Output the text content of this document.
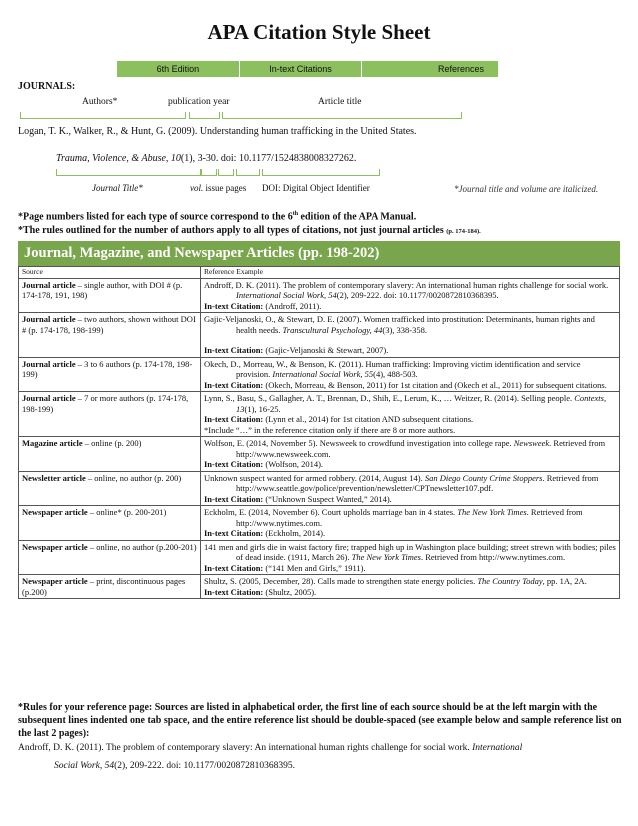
APA Citation Style Sheet
6th Edition	In-text Citations	References
JOURNALS:
Authors*	publication year	Article title
Logan, T. K., Walker, R., & Hunt, G. (2009). Understanding human trafficking in the United States.
Trauma, Violence, & Abuse, 10(1), 3-30. doi: 10.1177/1524838008327262.
Journal Title*	vol. issue pages DOI: Digital Object Identifier	*Journal title and volume are italicized.
*Page numbers listed for each type of source correspond to the 6th edition of the APA Manual.
*The rules outlined for the number of authors apply to all types of citations, not just journal articles (p. 174-184).
Journal, Magazine, and Newspaper Articles (pp. 198-202)
Source	Reference Example
Journal article – single author, with DOI # (p. 174-178, 191, 198)	Androff, D. K. (2011). The problem of contemporary slavery: An international human rights challenge for social work. International Social Work, 54(2), 209-222. doi: 10.1177/0020872810368395.
In-text Citation: (Androff, 2011).

Journal article – two authors, shown without DOI # (p. 174-178, 198-199)	Gajic-Veljanoski, O., & Stewart, D. E. (2007). Women trafficked into prostitution: Determinants, human rights and health needs. Transcultural Psychology, 44(3), 338-358.
In-text Citation: (Gajic-Veljanoski & Stewart, 2007).

Journal article – 3 to 6 authors (p. 174-178, 198-199)	Okech, D., Morreau, W., & Benson, K. (2011). Human trafficking: Improving victim identification and service provision. International Social Work, 55(4), 488-503.
In-text Citation: (Okech, Morreau, & Benson, 2011) for 1st citation and (Okech et al., 2011) for subsequent citations.

Journal article – 7 or more authors (p. 174-178, 198-199)	Lynn, S., Basu, S., Gallagher, A. T., Brennan, D., Shih, E., Lerum, K., … Weitzer, R. (2014). Selling people. Contexts, 13(1), 16-25.
In-text Citation: (Lynn et al., 2014) for 1st citation AND subsequent citations.
*Include “…” in the reference citation only if there are 8 or more authors.

Magazine article – online (p. 200)	Wolfson, E. (2014, November 5). Newsweek to crowdfund investigation into college rape. Newsweek. Retrieved from http://www.newsweek.com.
In-text Citation: (Wolfson, 2014).

Newsletter article – online, no author (p. 200)	Unknown suspect wanted for armed robbery. (2014, August 14). San Diego County Crime Stoppers. Retrieved from http://www.seattle.gov/police/prevention/newsletter/CPTnewsletter107.pdf.
In-text Citation: (“Unknown Suspect Wanted,” 2014).

Newspaper article – online* (p. 200-201)	Eckholm, E. (2014, November 6). Court upholds marriage ban in 4 states. The New York Times. Retrieved from http://www.nytimes.com.
In-text Citation: (Eckholm, 2014).

Newspaper article – online, no author (p.200-201)	141 men and girls die in waist factory fire; trapped high up in Washington place building; street strewn with bodies; piles of dead inside. (1911, March 26). The New York Times. Retrieved from http://www.nytimes.com.
In-text Citation: (“141 Men and Girls,” 1911).

Newspaper article – print, discontinuous pages (p.200)	Shultz, S. (2005, December, 28). Calls made to strengthen state energy policies. The Country Today, pp. 1A, 2A.
In-text Citation: (Shultz, 2005).
*Rules for your reference page: Sources are listed in alphabetical order, the first line of each source should be at the left margin with the subsequent lines indented one tab space, and the entire reference list should be double-spaced (see example below and sample reference list on the last 2 pages):
Androff, D. K. (2011). The problem of contemporary slavery: An international human rights challenge for social work. International
Social Work, 54(2), 209-222. doi: 10.1177/0020872810368395.
